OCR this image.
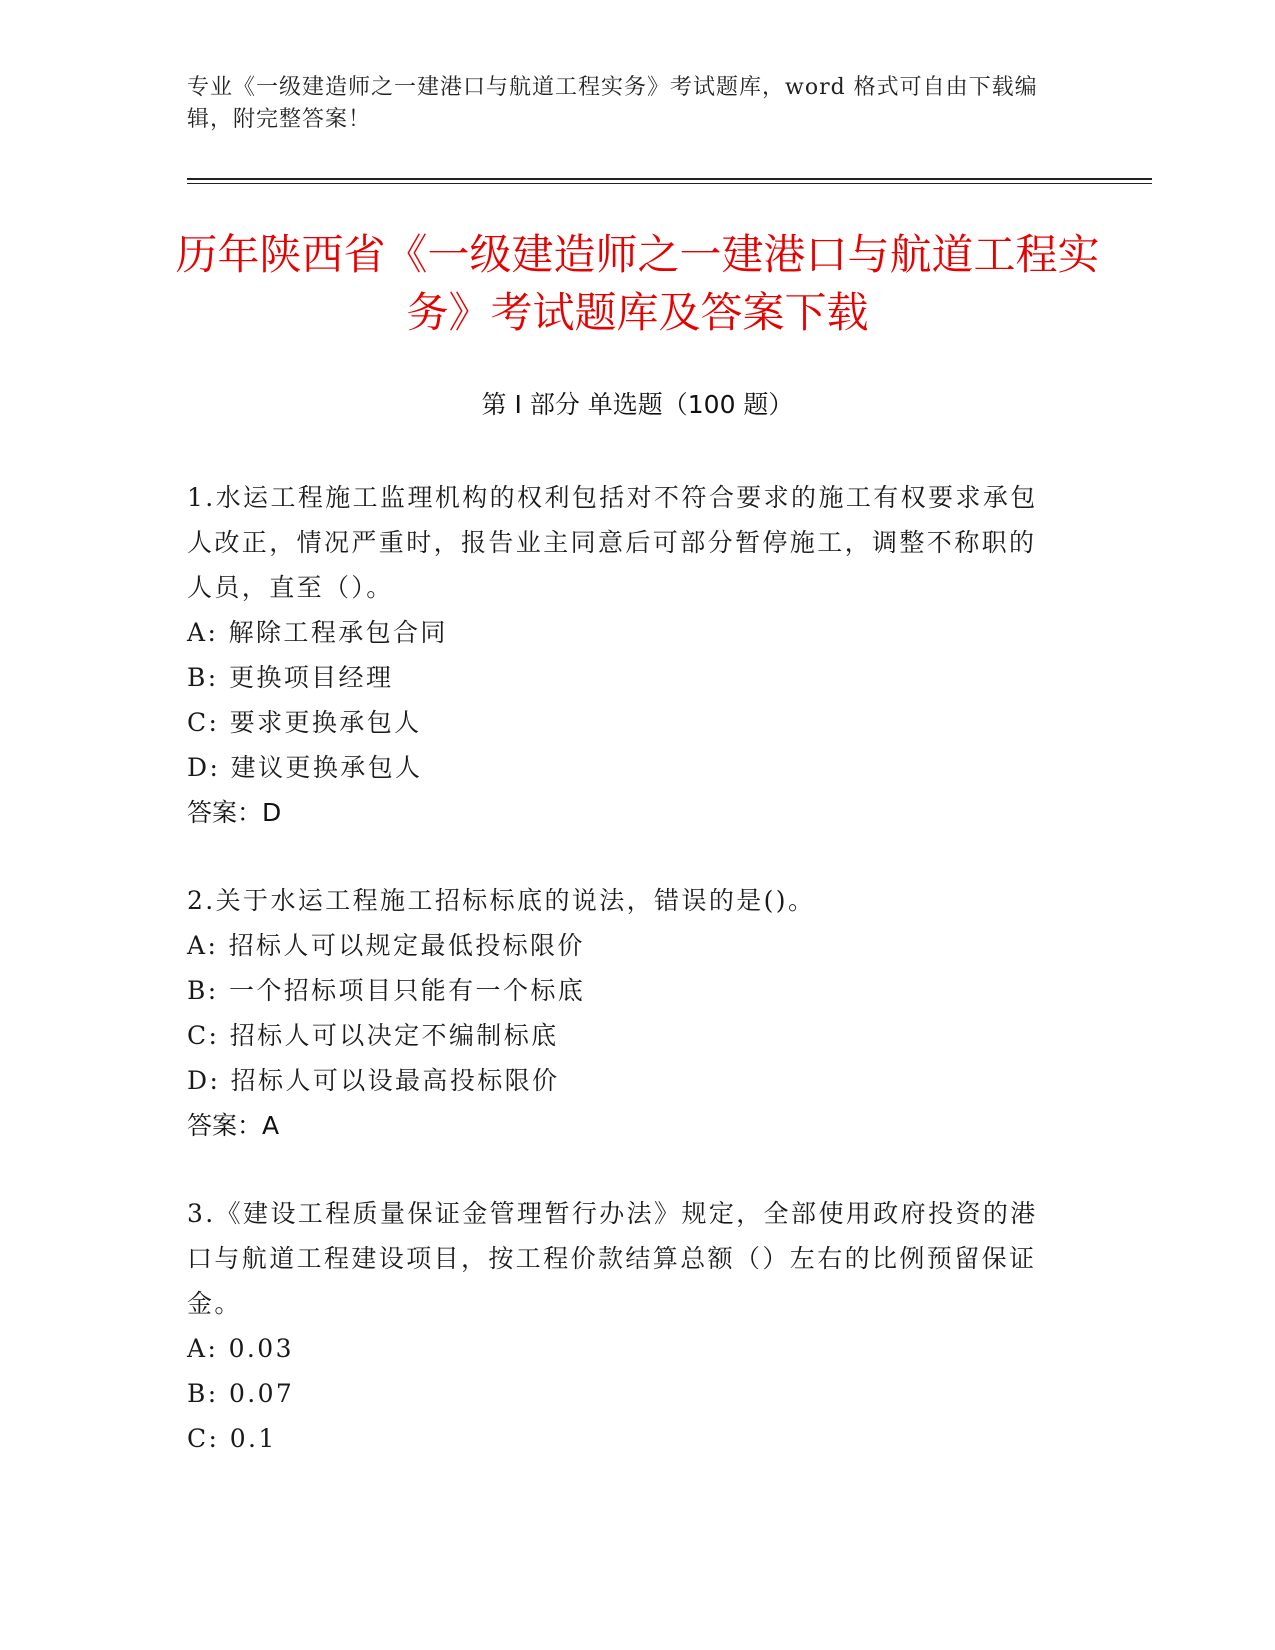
专业《一级建造师之一建港口与航道工程实务》考试题库，word 格式可自由下载编辑，附完整答案！
历年陕西省《一级建造师之一建港口与航道工程实务》考试题库及答案下载
第 I 部分 单选题（100 题）

1.水运工程施工监理机构的权利包括对不符合要求的施工有权要求承包人改正，情况严重时，报告业主同意后可部分暂停施工，调整不称职的人员，直至（）。

A: 解除工程承包合同

B: 更换项目经理

C: 要求更换承包人

D: 建议更换承包人

答案：D

2.关于水运工程施工招标标底的说法，错误的是()。

A: 招标人可以规定最低投标限价

B: 一个招标项目只能有一个标底

C: 招标人可以决定不编制标底

D: 招标人可以设最高投标限价

答案：A

3.《建设工程质量保证金管理暂行办法》规定，全部使用政府投资的港口与航道工程建设项目，按工程价款结算总额（）左右的比例预留保证金。

A: 0.03

B: 0.07

C: 0.1
